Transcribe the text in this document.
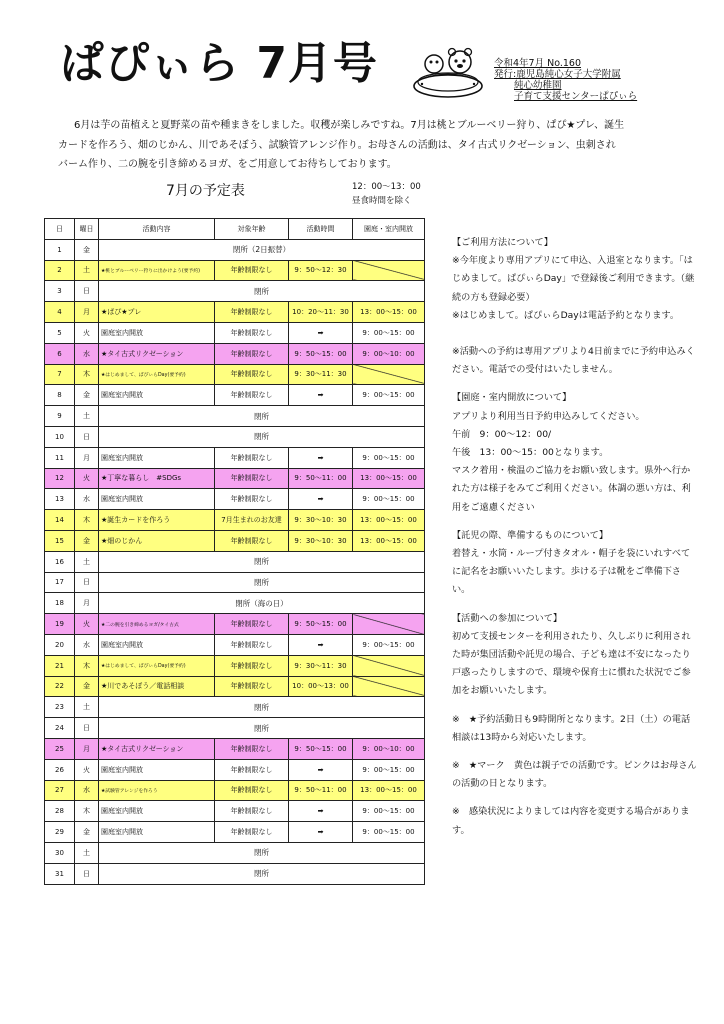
ぱぴぃら 7月号	令和4年7月 No.160
発行:鹿児島純心女子大学附属
純心幼稚園
子育て支援センターぱぴぃら

6月は芋の苗植えと夏野菜の苗や種まきをしました。収穫が楽しみですね。7月は桃とブルーベリー狩り、ぱぴ★プレ、誕生

カードを作ろう、畑のじかん、川であそぼう、試験管アレンジ作り。お母さんの活動は、タイ古式リクゼーション、虫刺され
バーム作り、二の腕を引き締めるヨガ、をご用意してお待ちしております。
7月の予定表	12：00～13：00
昼食時間を除く
日	曜日	活動内容	対象年齢	活動時間	園庭・室内開放
1	金	閉所（2日振替）			
2	土	★桃とブルーベリー狩りに出かけよう(要予約)	年齢制限なし	9：50～12：30	
3	日	閉所			
4	月	★ぱぴ★プレ	年齢制限なし	10：20～11：30	13：00～15：00
5	火	園庭室内開放	年齢制限なし	➡	9：00～15：00
6	水	★タイ古式リクゼーション	年齢制限なし	9：50～15：00	9：00～10：00
7	木	★はじめまして、ぱぴぃらDay(要予約)	年齢制限なし	9：30～11：30	
8	金	園庭室内開放	年齢制限なし	➡	9：00～15：00
9	土	閉所			
10	日	閉所			
11	月	園庭室内開放	年齢制限なし	➡	9：00～15：00
12	火	★丁寧な暮らし　#SDGs	年齢制限なし	9：50～11：00	13：00～15：00
13	水	園庭室内開放	年齢制限なし	➡	9：00～15：00
14	木	★誕生カードを作ろう	7月生まれのお友達	9：30～10：30	13：00～15：00
15	金	★畑のじかん	年齢制限なし	9：30～10：30	13：00～15：00
16	土	閉所			
17	日	閉所			
18	月	閉所（海の日）			
19	火	★二の腕を引き締めるヨガ/タイ古式	年齢制限なし	9：50～15：00	
20	水	園庭室内開放	年齢制限なし	➡	9：00～15：00
21	木	★はじめまして、ぱぴぃらDay(要予約)	年齢制限なし	9：30～11：30	
22	金	★川であそぼう／電話相談	年齢制限なし	10：00～13：00	
23	土	閉所			
24	日	閉所			
25	月	★タイ古式リクゼーション	年齢制限なし	9：50～15：00	9：00～10：00
26	火	園庭室内開放	年齢制限なし	➡	9：00～15：00
27	水	★試験管アレンジを作ろう	年齢制限なし	9：50～11：00	13：00～15：00
28	木	園庭室内開放	年齢制限なし	➡	9：00～15：00
29	金	園庭室内開放	年齢制限なし	➡	9：00～15：00
30	土	閉所			
31	日	閉所			

【ご利用方法について】

※今年度より専用アプリにて申込、入退室となります。「はじめまして。ぱぴぃらDay」で登録後ご利用できます。（継続の方も登録必要）

※はじめまして。ぱぴぃらDayは電話予約となります。

※活動への予約は専用アプリより4日前までに予約申込みください。電話での受付はいたしません。

【園庭・室内開放について】

アプリより利用当日予約申込みしてください。

午前　9：00～12：00/

午後　13：00～15：00となります。

マスク着用・検温のご協力をお願い致します。県外へ行かれた方は様子をみてご利用ください。体調の悪い方は、利用をご遠慮ください

【託児の際、準備するものについて】

着替え・水筒・ループ付きタオル・帽子を袋にいれすべてに記名をお願いいたします。歩ける子は靴をご準備下さい。

【活動への参加について】

初めて支援センターを利用されたり、久しぶりに利用された時が集団活動や託児の場合、子ども達は不安になったり戸惑ったりしますので、環境や保育士に慣れた状況でご参加をお願いいたします。

※　★予約活動日も9時開所となります。2日（土）の電話相談は13時から対応いたします。

※　★マーク　黄色は親子での活動です。ピンクはお母さんの活動の日となります。

※　感染状況によりましては内容を変更する場合があります。
